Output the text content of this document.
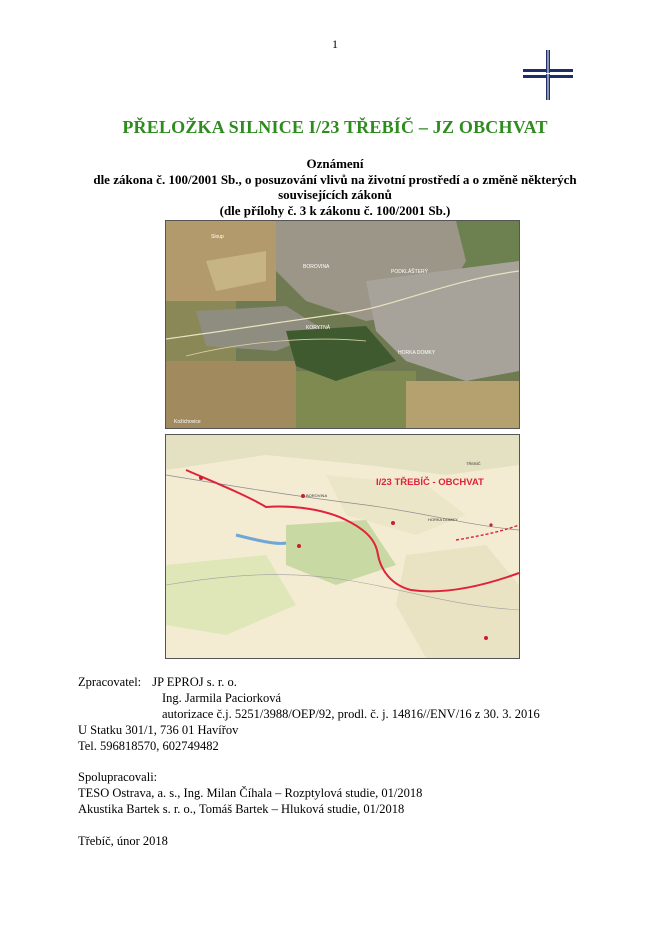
1
PŘELOŽKA SILNICE I/23 TŘEBÍČ – JZ OBCHVAT
Oznámení
dle zákona č. 100/2001 Sb., o posuzování vlivů na životní prostředí a o změně některých
souvisejících zákonů
(dle přílohy č. 3 k zákonu č. 100/2001 Sb.)
Sloup
BOROVINA
PODKLÁŠTERÝ
KORYTNÁ
HORKA DOMKY
Kožichovice
I/23 TŘEBÍČ - OBCHVAT
BOROVINA
HORKA DOMKY
TŘEBÍČ
Zpracovatel: JP EPROJ s. r. o.
Ing. Jarmila Paciorková
autorizace č.j. 5251/3988/OEP/92, prodl. č. j. 14816//ENV/16 z 30. 3. 2016
U Statku 301/1, 736 01 Havířov
Tel. 596818570, 602749482
Spolupracovali:
TESO Ostrava, a. s., Ing. Milan Číhala – Rozptylová studie, 01/2018
Akustika Bartek s. r. o., Tomáš Bartek – Hluková studie, 01/2018
Třebíč, únor 2018
